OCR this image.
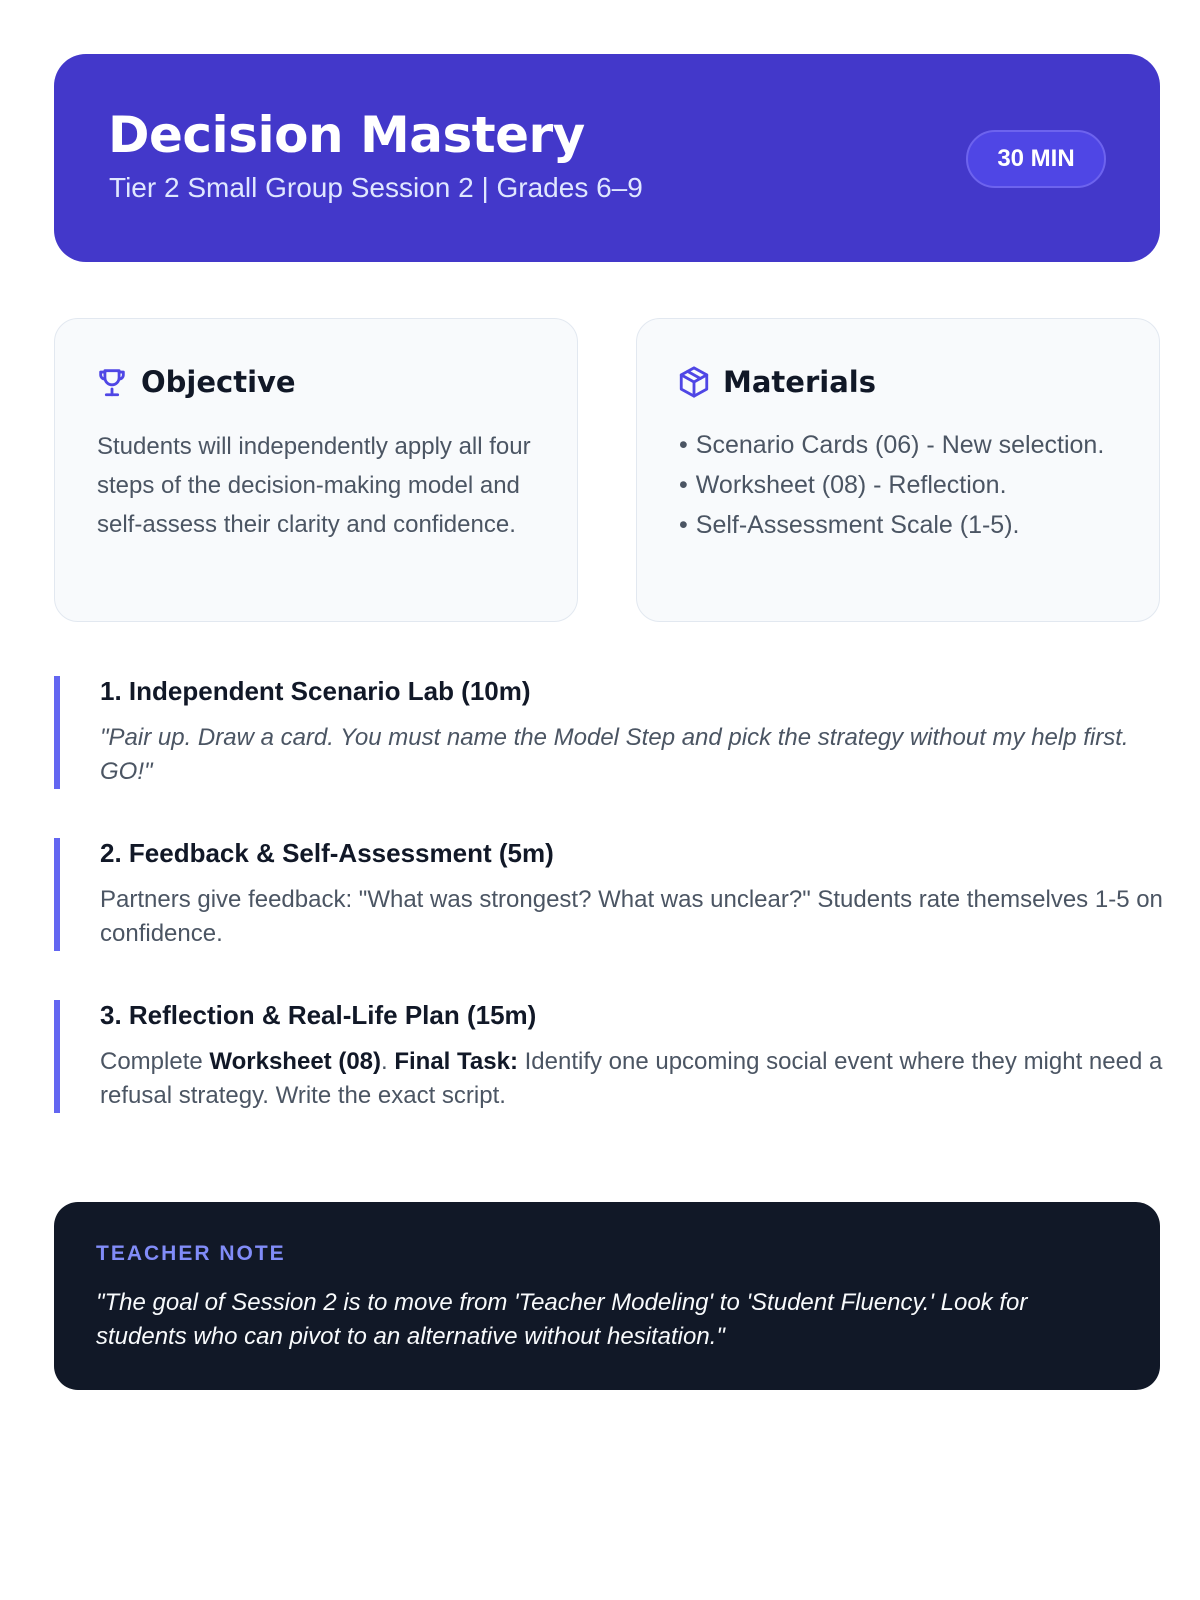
Decision Mastery
Tier 2 Small Group Session 2 | Grades 6–9
30 MIN
Objective
Students will independently apply all four steps of the decision-making model and self-assess their clarity and confidence.
Materials
• Scenario Cards (06) - New selection.
• Worksheet (08) - Reflection.
• Self-Assessment Scale (1-5).
1. Independent Scenario Lab (10m)
"Pair up. Draw a card. You must name the Model Step and pick the strategy without my help first. GO!"
2. Feedback & Self-Assessment (5m)
Partners give feedback: "What was strongest? What was unclear?" Students rate themselves 1-5 on confidence.
3. Reflection & Real-Life Plan (15m)
Complete Worksheet (08). Final Task: Identify one upcoming social event where they might need a refusal strategy. Write the exact script.
TEACHER NOTE
"The goal of Session 2 is to move from 'Teacher Modeling' to 'Student Fluency.' Look for students who can pivot to an alternative without hesitation."
